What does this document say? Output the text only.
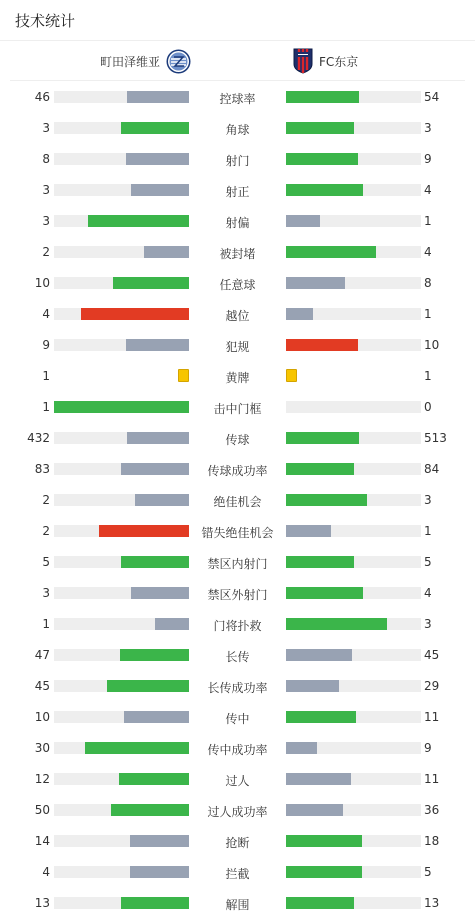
技术统计
町田泽维亚	FC东京
46	控球率	54
3	角球	3
8	射门	9
3	射正	4
3	射偏	1
2	被封堵	4
10	任意球	8
4	越位	1
9	犯规	10
1	黄牌	1
1	击中门框	0
432	传球	513
83	传球成功率	84
2	绝佳机会	3
2	错失绝佳机会	1
5	禁区内射门	5
3	禁区外射门	4
1	门将扑救	3
47	长传	45
45	长传成功率	29
10	传中	11
30	传中成功率	9
12	过人	11
50	过人成功率	36
14	抢断	18
4	拦截	5
13	解围	13
